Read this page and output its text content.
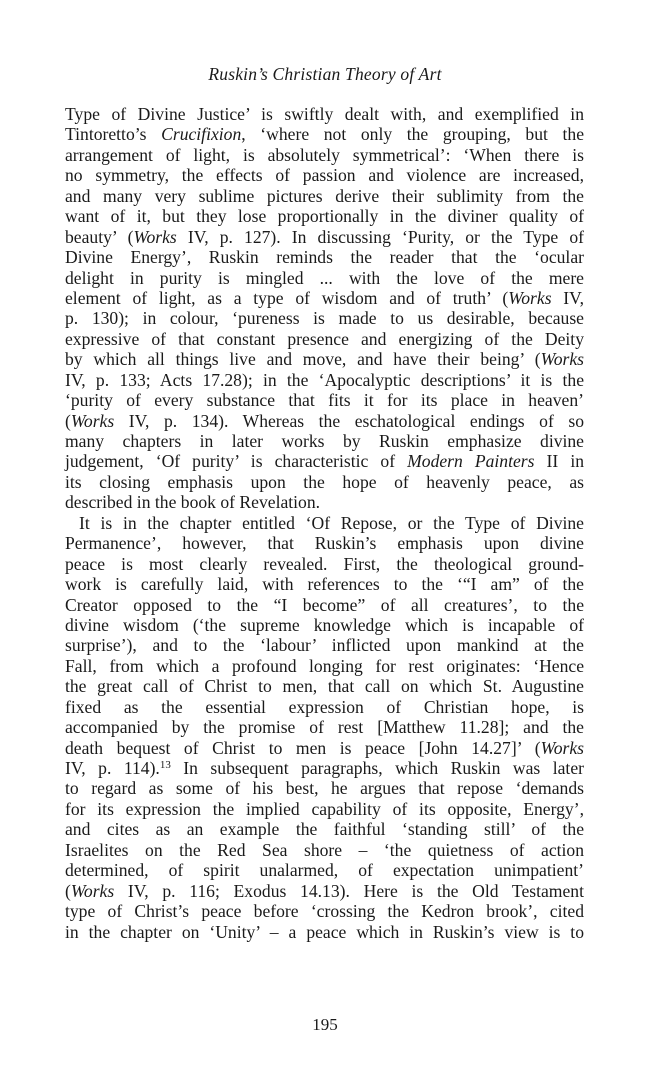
Ruskin’s Christian Theory of Art
Type of Divine Justice’ is swiftly dealt with, and exemplified in
Tintoretto’s Crucifixion, ‘where not only the grouping, but the
arrangement of light, is absolutely symmetrical’: ‘When there is
no symmetry, the effects of passion and violence are increased,
and many very sublime pictures derive their sublimity from the
want of it, but they lose proportionally in the diviner quality of
beauty’ (Works IV, p. 127). In discussing ‘Purity, or the Type of
Divine Energy’, Ruskin reminds the reader that the ‘ocular
delight in purity is mingled ... with the love of the mere
element of light, as a type of wisdom and of truth’ (Works IV,
p. 130); in colour, ‘pureness is made to us desirable, because
expressive of that constant presence and energizing of the Deity
by which all things live and move, and have their being’ (Works
IV, p. 133; Acts 17.28); in the ‘Apocalyptic descriptions’ it is the
‘purity of every substance that fits it for its place in heaven’
(Works IV, p. 134). Whereas the eschatological endings of so
many chapters in later works by Ruskin emphasize divine
judgement, ‘Of purity’ is characteristic of Modern Painters II in
its closing emphasis upon the hope of heavenly peace, as
described in the book of Revelation.
It is in the chapter entitled ‘Of Repose, or the Type of Divine
Permanence’, however, that Ruskin’s emphasis upon divine
peace is most clearly revealed. First, the theological ground-
work is carefully laid, with references to the ‘“I am” of the
Creator opposed to the “I become” of all creatures’, to the
divine wisdom (‘the supreme knowledge which is incapable of
surprise’), and to the ‘labour’ inflicted upon mankind at the
Fall, from which a profound longing for rest originates: ‘Hence
the great call of Christ to men, that call on which St. Augustine
fixed as the essential expression of Christian hope, is
accompanied by the promise of rest [Matthew 11.28]; and the
death bequest of Christ to men is peace [John 14.27]’ (Works
IV, p. 114).$^{13}$ In subsequent paragraphs, which Ruskin was later
to regard as some of his best, he argues that repose ‘demands
for its expression the implied capability of its opposite, Energy’,
and cites as an example the faithful ‘standing still’ of the
Israelites on the Red Sea shore – ‘the quietness of action
determined, of spirit unalarmed, of expectation unimpatient’
(Works IV, p. 116; Exodus 14.13). Here is the Old Testament
type of Christ’s peace before ‘crossing the Kedron brook’, cited
in the chapter on ‘Unity’ – a peace which in Ruskin’s view is to
195
